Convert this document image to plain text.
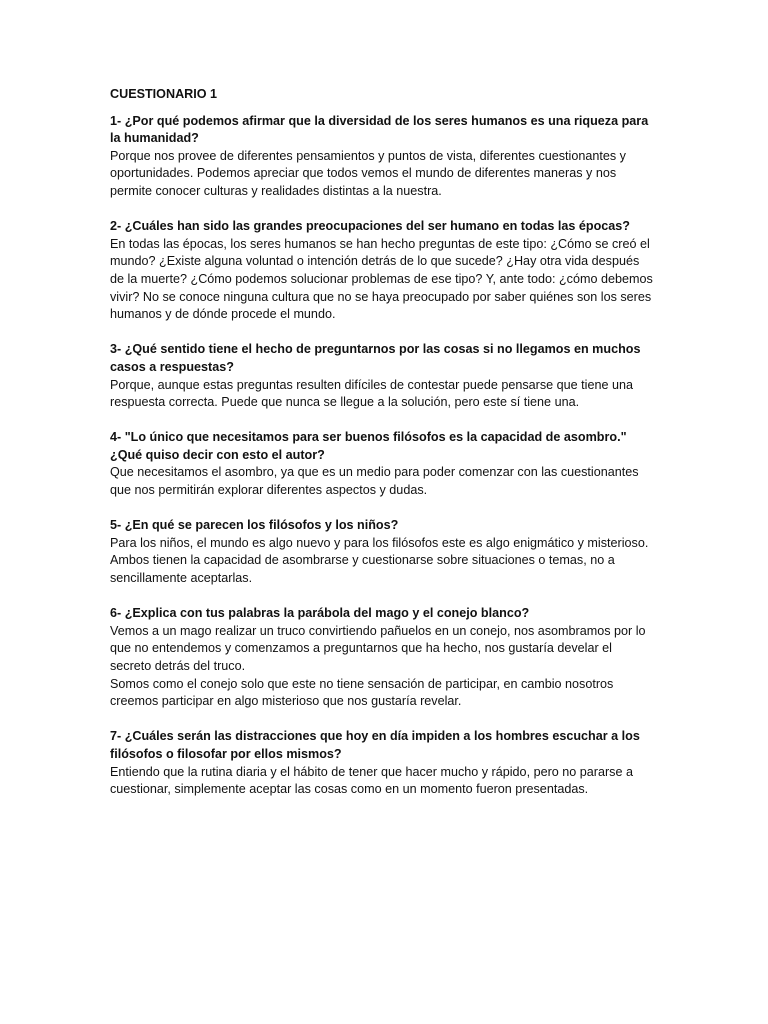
CUESTIONARIO 1

1- ¿Por qué podemos afirmar que la diversidad de los seres humanos es una riqueza para la humanidad?

Porque nos provee de diferentes pensamientos y puntos de vista, diferentes cuestionantes y oportunidades. Podemos apreciar que todos vemos el mundo de diferentes maneras y nos permite conocer culturas y realidades distintas a la nuestra.

2- ¿Cuáles han sido las grandes preocupaciones del ser humano en todas las épocas?

En todas las épocas, los seres humanos se han hecho preguntas de este tipo: ¿Cómo se creó el mundo? ¿Existe alguna voluntad o intención detrás de lo que sucede? ¿Hay otra vida después de la muerte? ¿Cómo podemos solucionar problemas de ese tipo? Y, ante todo: ¿cómo debemos vivir? No se conoce ninguna cultura que no se haya preocupado por saber quiénes son los seres humanos y de dónde procede el mundo.

3- ¿Qué sentido tiene el hecho de preguntarnos por las cosas si no llegamos en muchos casos a respuestas?

Porque, aunque estas preguntas resulten difíciles de contestar puede pensarse que tiene una respuesta correcta. Puede que nunca se llegue a la solución, pero este sí tiene una.

4- "Lo único que necesitamos para ser buenos filósofos es la capacidad de asombro." ¿Qué quiso decir con esto el autor?

Que necesitamos el asombro, ya que es un medio para poder comenzar con las cuestionantes que nos permitirán explorar diferentes aspectos y dudas.

5- ¿En qué se parecen los filósofos y los niños?

Para los niños, el mundo es algo nuevo y para los filósofos este es algo enigmático y misterioso. Ambos tienen la capacidad de asombrarse y cuestionarse sobre situaciones o temas, no a sencillamente aceptarlas.

6- ¿Explica con tus palabras la parábola del mago y el conejo blanco?

Vemos a un mago realizar un truco convirtiendo pañuelos en un conejo, nos asombramos por lo que no entendemos y comenzamos a preguntarnos que ha hecho, nos gustaría develar el secreto detrás del truco.

Somos como el conejo solo que este no tiene sensación de participar, en cambio nosotros creemos participar en algo misterioso que nos gustaría revelar.

7- ¿Cuáles serán las distracciones que hoy en día impiden a los hombres escuchar a los filósofos o filosofar por ellos mismos?

Entiendo que la rutina diaria y el hábito de tener que hacer mucho y rápido, pero no pararse a cuestionar, simplemente aceptar las cosas como en un momento fueron presentadas.
